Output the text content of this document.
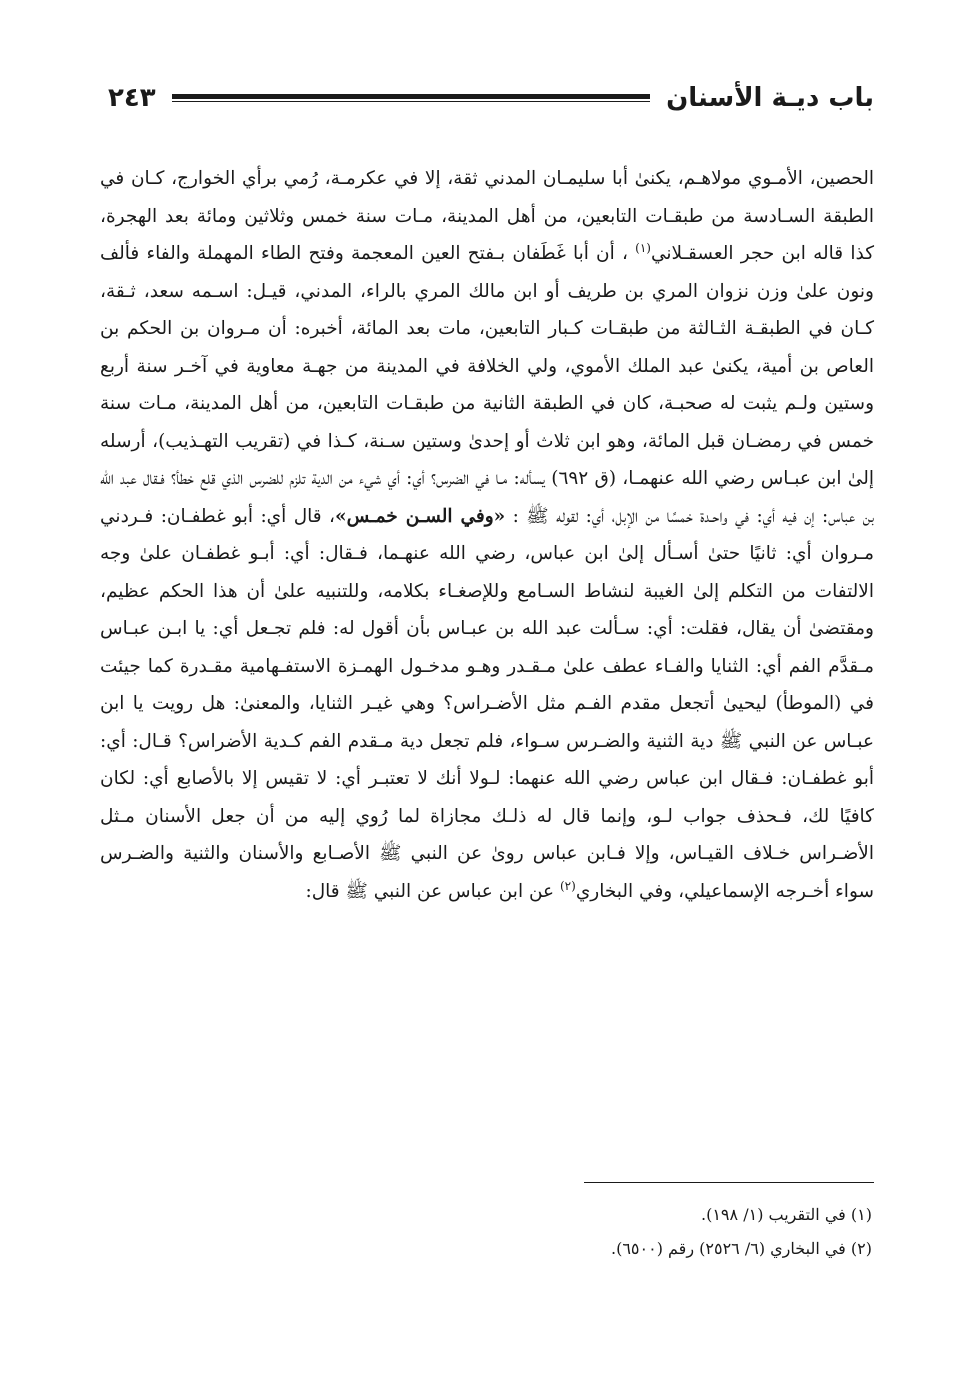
باب ديـة الأسنان
٢٤٣

الحصين، الأمـوي مولاهـم، يكنىٰ أبا سليمـان المدني ثقة، إلا في عكرمـة، رُمي برأي الخوارج، كـان في الطبقة السـادسة من طبقـات التابعين، من أهل المدينة، مـات سنة خمس وثلاثين ومائة بعد الهجرة، كذا قاله ابن حجر العسقـلاني$^{(١)}$ ، أن أبا غَطَفان بـفتح العين المعجمة وفتح الطاء المهملة والفاء فألف ونون علىٰ وزن نزوان المري بن طريف أو ابن مالك المري بالراء، المدني، قيـل: اسـمه سعد، ثـقة، كـان في الطبقـة الثـالثة من طبقـات كـبار التابعين، مات بعد المائة، أخبره: أن مـروان بن الحكم بن العاص بن أمية، يكنىٰ عبد الملك الأموي، ولي الخلافة في المدينة من جهـة معاوية في آخـر سنة أربع وستين ولـم يثبت له صحبـة، كان في الطبقة الثانية من طبقـات التابعين، من أهل المدينة، مـات سنة خمس في رمضـان قبل المائة، وهو ابن ثلاث أو إحدىٰ وستين سـنة، كـذا في (تقريب التهـذيب)، أرسله إلىٰ ابن عبـاس رضي الله عنهمـا، (ق ٦٩٢) يسأله: مـا في الضرس؟ أي: أي شيء من الدية تلزم للضرس الذي قلع خطأ؟ فـقال عبد الله بن عباس: إن فيه أي: في واحـدة خمسًا من الإبل، أي: لقوله ﷺ : «وفي السـن خمـس»، قال أي: أبو غطفـان: فـردني مـروان أي: ثانيًا حتىٰ أسـأل إلىٰ ابن عباس، رضي الله عنهـما، فـقال: أي: أبـو غطفـان علىٰ وجه الالتفات من التكلم إلىٰ الغيبة لنشاط السـامع وللإصغـاء بكلامه، وللتنبيه علىٰ أن هذا الحكم عظيم، ومقتضىٰ أن يقال، فقلت: أي: سـألت عبد الله بن عبـاس بأن أقول له: فلم تجـعل أي: يا ابـن عبـاس مـقدَّم الفم أي: الثنايا والفـاء عطف علىٰ مـقـدر وهـو مدخـول الهمـزة الاستفـهامية مقـدرة كما جيئت في (الموطأ) ليحيىٰ أتجعل مقدم الفـم مثل الأضـراس؟ وهي غيـر الثنايا، والمعنىٰ: هل رويت يا ابن عبـاس عن النبي ﷺ دية الثنية والضـرس سـواء، فلم تجعل دية مـقدم الفم كـدية الأضراس؟ قـال: أي: أبو غطفـان: فـقال ابن عباس رضي الله عنهما: لـولا أنك لا تعتبـر أي: لا تقيس إلا بالأصابع أي: لكان كافيًا لك، فـحذف جواب لـو، وإنما قال له ذلـك مجازاة لما رُوي إليه من أن جعل الأسنان مـثل الأضـراس خـلاف القيـاس، وإلا فـابن عباس روىٰ عن النبي ﷺ الأصـابع والأسنان والثنية والضـرس سواء أخـرجه الإسماعيلي، وفي البخاري$^{(٢)}$ عن ابن عباس عن النبي ﷺ قال:

(١) في التقريب (١/ ١٩٨).
(٢) في البخاري (٦/ ٢٥٢٦) رقم (٦٥٠٠).
